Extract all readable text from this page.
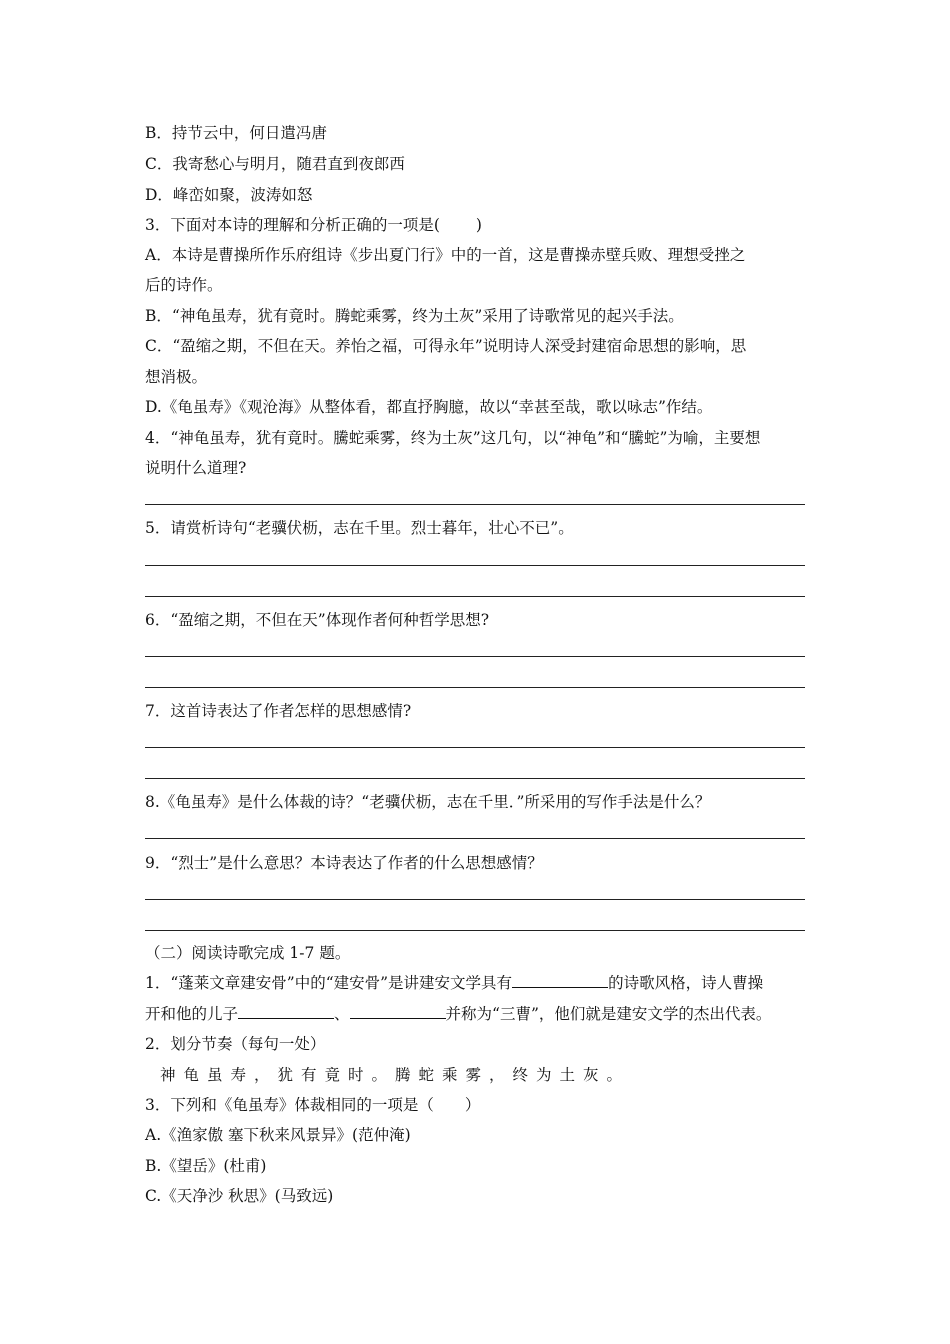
B．持节云中，何日遣冯唐
C．我寄愁心与明月，随君直到夜郎西
D．峰峦如聚，波涛如怒
3．下面对本诗的理解和分析正确的一项是(　　 )
A．本诗是曹操所作乐府组诗《步出夏门行》中的一首，这是曹操赤壁兵败、理想受挫之
后的诗作。
B．“神龟虽寿，犹有竟时。腾蛇乘雾，终为土灰”采用了诗歌常见的起兴手法。
C．“盈缩之期，不但在天。养怡之福，可得永年”说明诗人深受封建宿命思想的影响，思
想消极。
D.《龟虽寿》《观沧海》从整体看，都直抒胸臆，故以“幸甚至哉，歌以咏志”作结。
4．“神龟虽寿，犹有竟时。騰蛇乘雾，终为土灰”这几句，以“神龟”和“騰蛇”为喻，主要想
说明什么道理?
5．请赏析诗句“老骥伏枥，志在千里。烈士暮年，壮心不已”。
6．“盈缩之期，不但在天”体现作者何种哲学思想?
7．这首诗表达了作者怎样的思想感情?
8.《龟虽寿》是什么体裁的诗？“老骥伏枥，志在千里．”所采用的写作手法是什么？
9．“烈士”是什么意思？本诗表达了作者的什么思想感情？
（二）阅读诗歌完成 1-7 题。
1．“蓬莱文章建安骨”中的“建安骨”是讲建安文学具有	的诗歌风格，诗人曹操
开和他的儿子	、	并称为“三曹”，他们就是建安文学的杰出代表。
2．划分节奏（每句一处）
神龟虽寿，犹有竟时。腾蛇乘雾，终为土灰。
3．下列和《龟虽寿》体裁相同的一项是（　　）
A.《渔家傲 塞下秋来风景异》(范仲淹)
B.《望岳》(杜甫)
C.《天净沙 秋思》(马致远)
